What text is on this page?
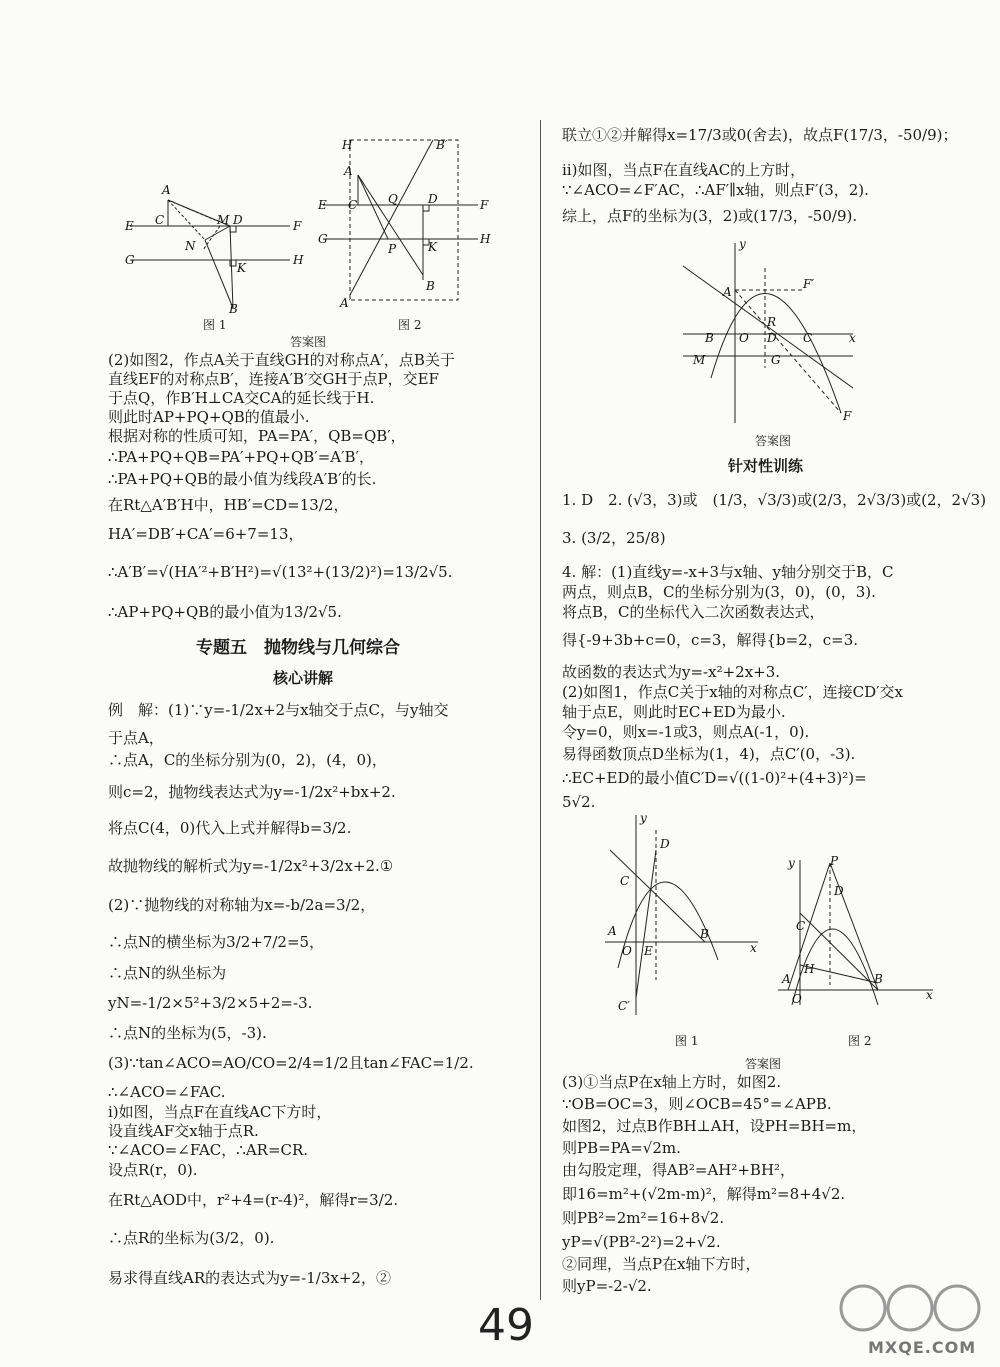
A
C	M D
E	F
G	H
N
K
B
H	B′
A
C	Q	D
E	F
G	H
P	K
B
A′
图 1	图 2
答案图
(2)如图2，作点A关于直线GH的对称点A′，点B关于
直线EF的对称点B′，连接A′B′交GH于点P，交EF
于点Q，作B′H⊥CA交CA的延长线于H.
则此时AP+PQ+QB的值最小.
根据对称的性质可知，PA=PA′，QB=QB′，
∴PA+PQ+QB=PA′+PQ+QB′=A′B′，
∴PA+PQ+QB的最小值为线段A′B′的长.
在Rt△A′B′H中，HB′=CD=13/2，
HA′=DB′+CA′=6+7=13，
∴A′B′=√(HA′²+B′H²)=√(13²+(13/2)²)=13/2√5.
∴AP+PQ+QB的最小值为13/2√5.
专题五　抛物线与几何综合
核心讲解
例　解：(1)∵y=-1/2x+2与x轴交于点C，与y轴交
于点A，
∴点A，C的坐标分别为(0，2)，(4，0)，
则c=2，抛物线表达式为y=-1/2x²+bx+2.
将点C(4，0)代入上式并解得b=3/2.
故抛物线的解析式为y=-1/2x²+3/2x+2.①
(2)∵抛物线的对称轴为x=-b/2a=3/2，
∴点N的横坐标为3/2+7/2=5，
∴点N的纵坐标为
yN=-1/2×5²+3/2×5+2=-3.
∴点N的坐标为(5，-3).
(3)∵tan∠ACO=AO/CO=2/4=1/2且tan∠FAC=1/2.
∴∠ACO=∠FAC.
ⅰ)如图，当点F在直线AC下方时，
设直线AF交x轴于点R.
∵∠ACO=∠FAC，∴AR=CR.
设点R(r，0).
在Rt△AOD中，r²+4=(r-4)²，解得r=3/2.
∴点R的坐标为(3/2，0).
易求得直线AR的表达式为y=-1/3x+2，②
联立①②并解得x=17/3或0(舍去)，故点F(17/3，-50/9)；
ⅱ)如图，当点F在直线AC的上方时，
∵∠ACO=∠F′AC，∴AF′∥x轴，则点F′(3，2).
综上，点F的坐标为(3，2)或(17/3，-50/9).
y
A
F′
R
B O D C	x
M	G
F
答案图
针对性训练
1. D　2. (√3，3)或　(1/3，√3/3)或(2/3，2√3/3)或(2，2√3)
3. (3/2，25/8)
4. 解：(1)直线y=-x+3与x轴、y轴分别交于B，C
两点，则点B，C的坐标分别为(3，0)，(0，3).
将点B，C的坐标代入二次函数表达式，
得{-9+3b+c=0，c=3，解得{b=2，c=3.
故函数的表达式为y=-x²+2x+3.
(2)如图1，作点C关于x轴的对称点C′，连接CD′交x
轴于点E，则此时EC+ED为最小.
令y=0，则x=-1或3，则点A(-1，0).
易得函数顶点D坐标为(1，4)，点C′(0，-3).
∴EC+ED的最小值C′D=√((1-0)²+(4+3)²)=
5√2.
y
D
C
A
O E
B
x
C′
y	P
D
C
A
H
B
O	x
图 1	图 2
答案图
(3)①当点P在x轴上方时，如图2.
∵OB=OC=3，则∠OCB=45°=∠APB.
如图2，过点B作BH⊥AH，设PH=BH=m，
则PB=PA=√2m.
由勾股定理，得AB²=AH²+BH²，
即16=m²+(√2m-m)²，解得m²=8+4√2.
则PB²=2m²=16+8√2.
yP=√(PB²-2²)=2+√2.
②同理，当点P在x轴下方时，
则yP=-2-√2.
49	MXQE.COM
